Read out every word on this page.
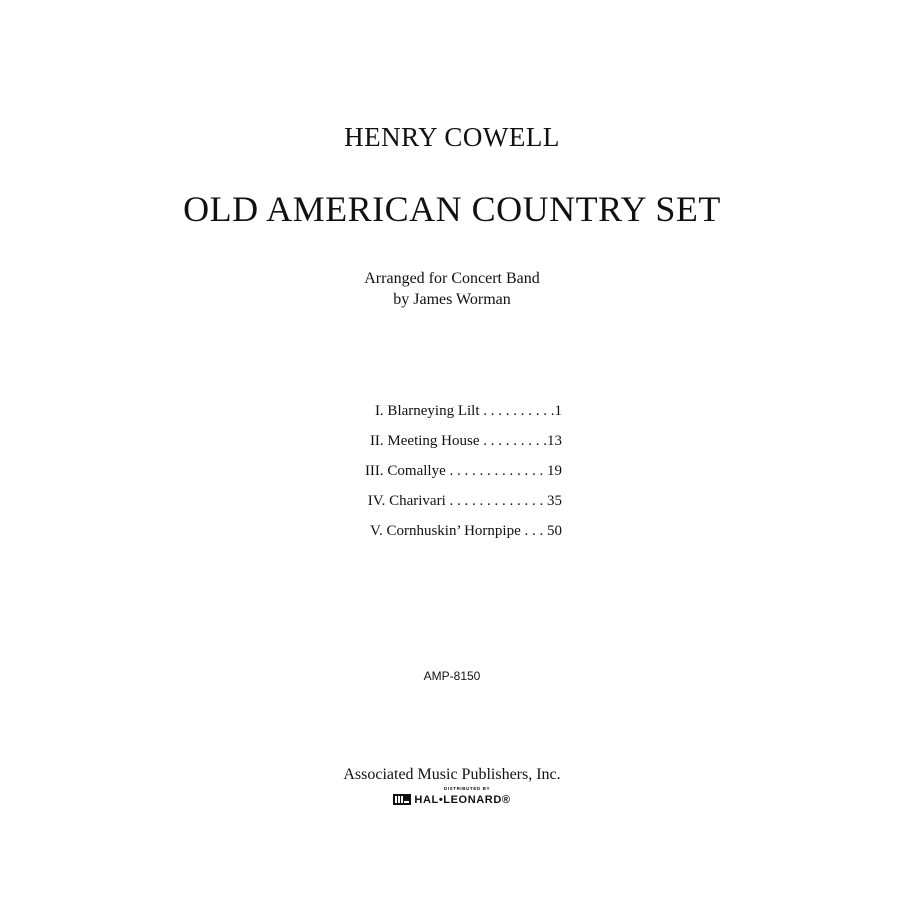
HENRY COWELL
OLD AMERICAN COUNTRY SET
Arranged for Concert Band
by James Worman
I. Blarneying Lilt . . . . . . . . . .1
II. Meeting House . . . . . . . . .13
III. Comallye . . . . . . . . . . . . . 19
IV. Charivari . . . . . . . . . . . . . 35
V. Cornhuskin’ Hornpipe . . . 50
AMP-8150
Associated Music Publishers, Inc.
DISTRIBUTED BY
HAL•LEONARD®
